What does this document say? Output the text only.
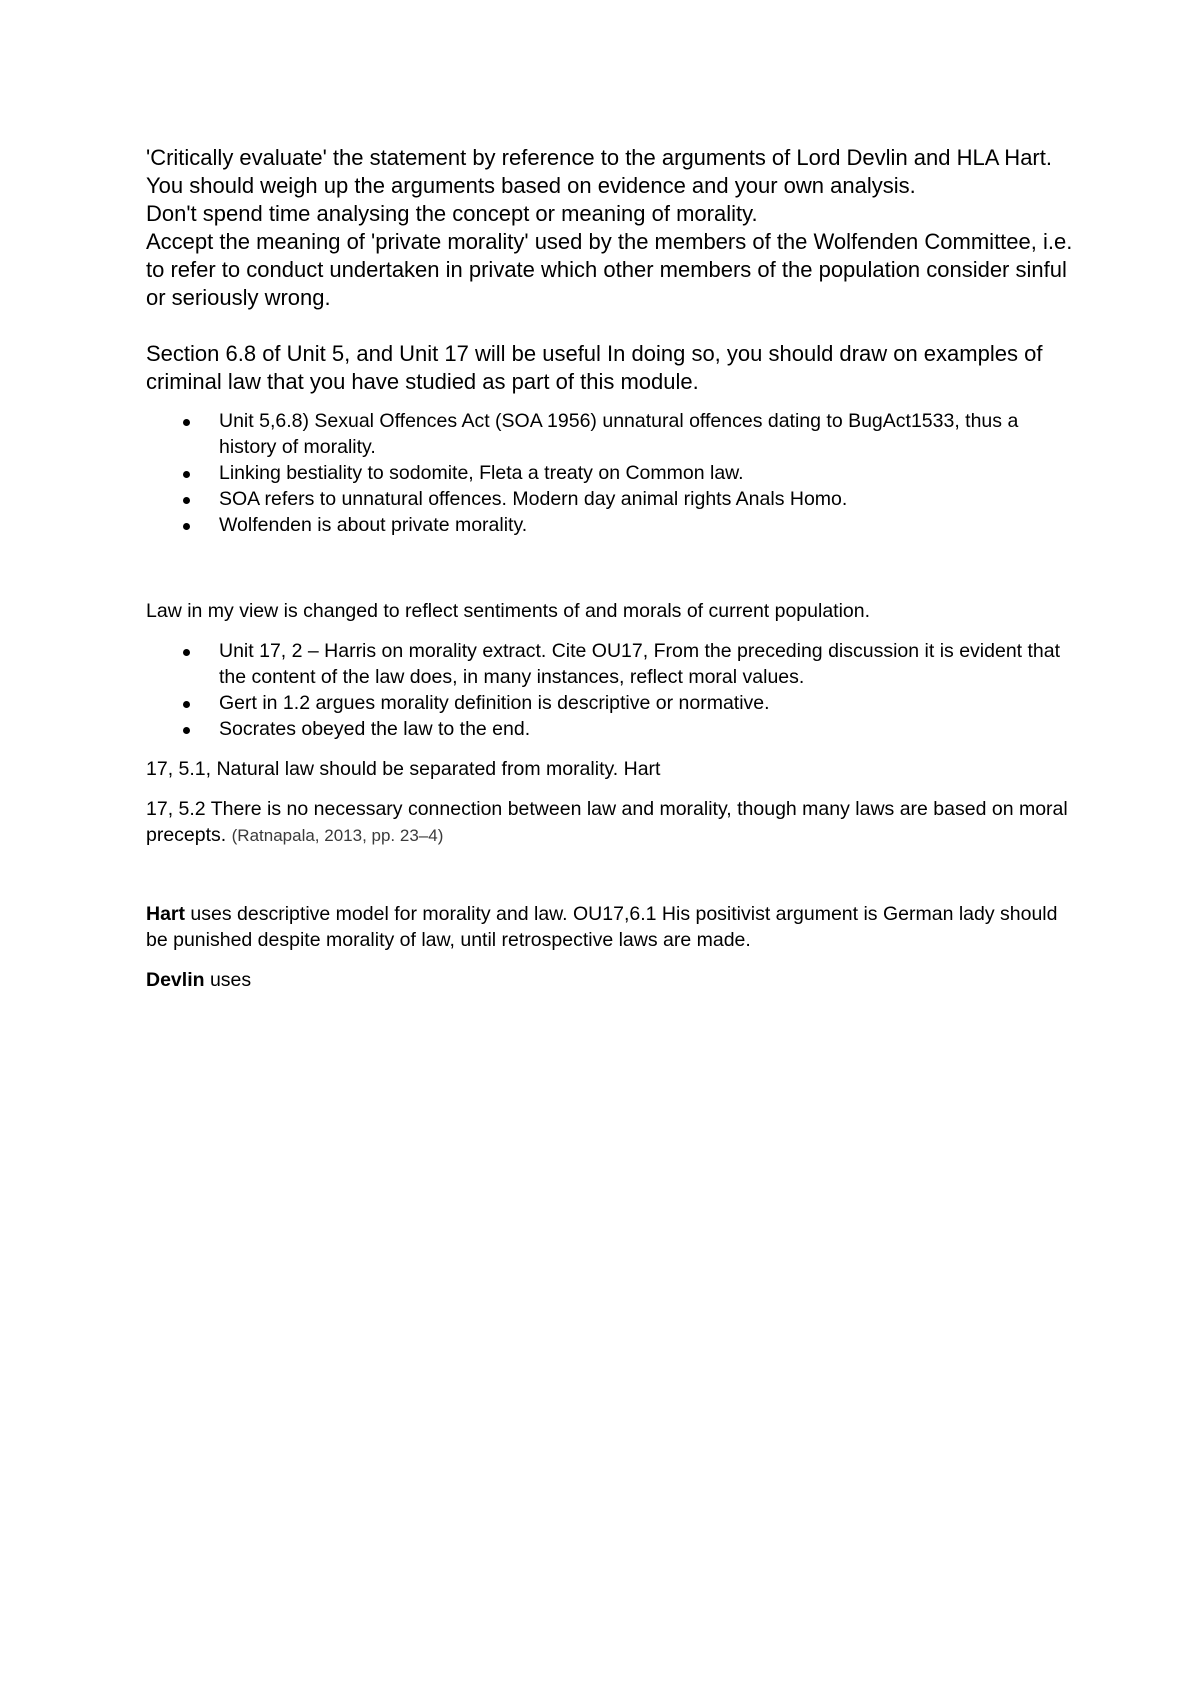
'Critically evaluate' the statement by reference to the arguments of Lord Devlin and HLA Hart. You should weigh up the arguments based on evidence and your own analysis.

Don't spend time analysing the concept or meaning of morality.

Accept the meaning of 'private morality' used by the members of the Wolfenden Committee, i.e. to refer to conduct undertaken in private which other members of the population consider sinful or seriously wrong.

Section 6.8 of Unit 5, and Unit 17 will be useful In doing so, you should draw on examples of criminal law that you have studied as part of this module.

Unit 5,6.8) Sexual Offences Act (SOA 1956) unnatural offences dating to BugAct1533, thus a history of morality.
Linking bestiality to sodomite, Fleta a treaty on Common law.
SOA refers to unnatural offences. Modern day animal rights Anals Homo.
Wolfenden is about private morality.

Law in my view is changed to reflect sentiments of and morals of current population.

Unit 17, 2 – Harris on morality extract. Cite OU17, From the preceding discussion it is evident that the content of the law does, in many instances, reflect moral values.
Gert in 1.2 argues morality definition is descriptive or normative.
Socrates obeyed the law to the end.

17, 5.1, Natural law should be separated from morality. Hart

17, 5.2 There is no necessary connection between law and morality, though many laws are based on moral precepts. (Ratnapala, 2013, pp. 23–4)

Hart uses descriptive model for morality and law. OU17,6.1 His positivist argument is German lady should be punished despite morality of law, until retrospective laws are made.

Devlin uses
